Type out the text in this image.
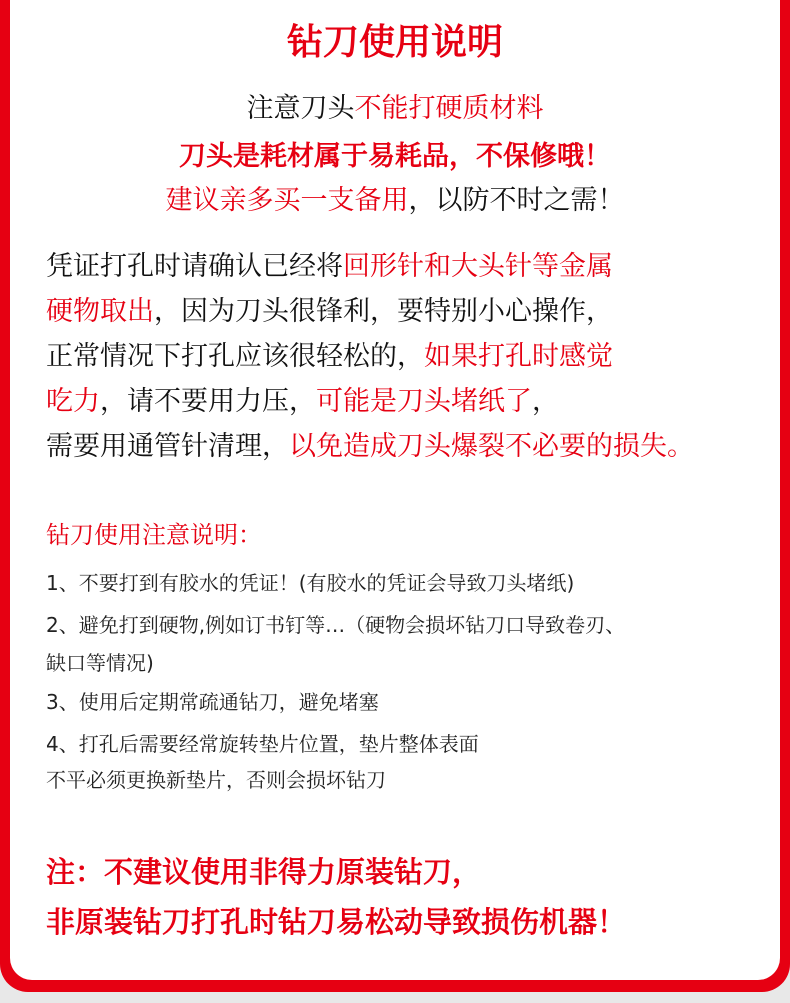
钻刀使用说明
注意刀头不能打硬质材料
刀头是耗材属于易耗品，不保修哦！
建议亲多买一支备用，以防不时之需！
凭证打孔时请确认已经将回形针和大头针等金属
硬物取出，因为刀头很锋利，要特别小心操作，
正常情况下打孔应该很轻松的，如果打孔时感觉
吃力，请不要用力压，可能是刀头堵纸了，
需要用通管针清理，以免造成刀头爆裂不必要的损失。
钻刀使用注意说明：
1、不要打到有胶水的凭证！(有胶水的凭证会导致刀头堵纸)
2、避免打到硬物,例如订书钉等…（硬物会损坏钻刀口导致卷刃、
缺口等情况)
3、使用后定期常疏通钻刀，避免堵塞
4、打孔后需要经常旋转垫片位置，垫片整体表面
不平必须更换新垫片，否则会损坏钻刀
注：不建议使用非得力原装钻刀，
非原装钻刀打孔时钻刀易松动导致损伤机器！
